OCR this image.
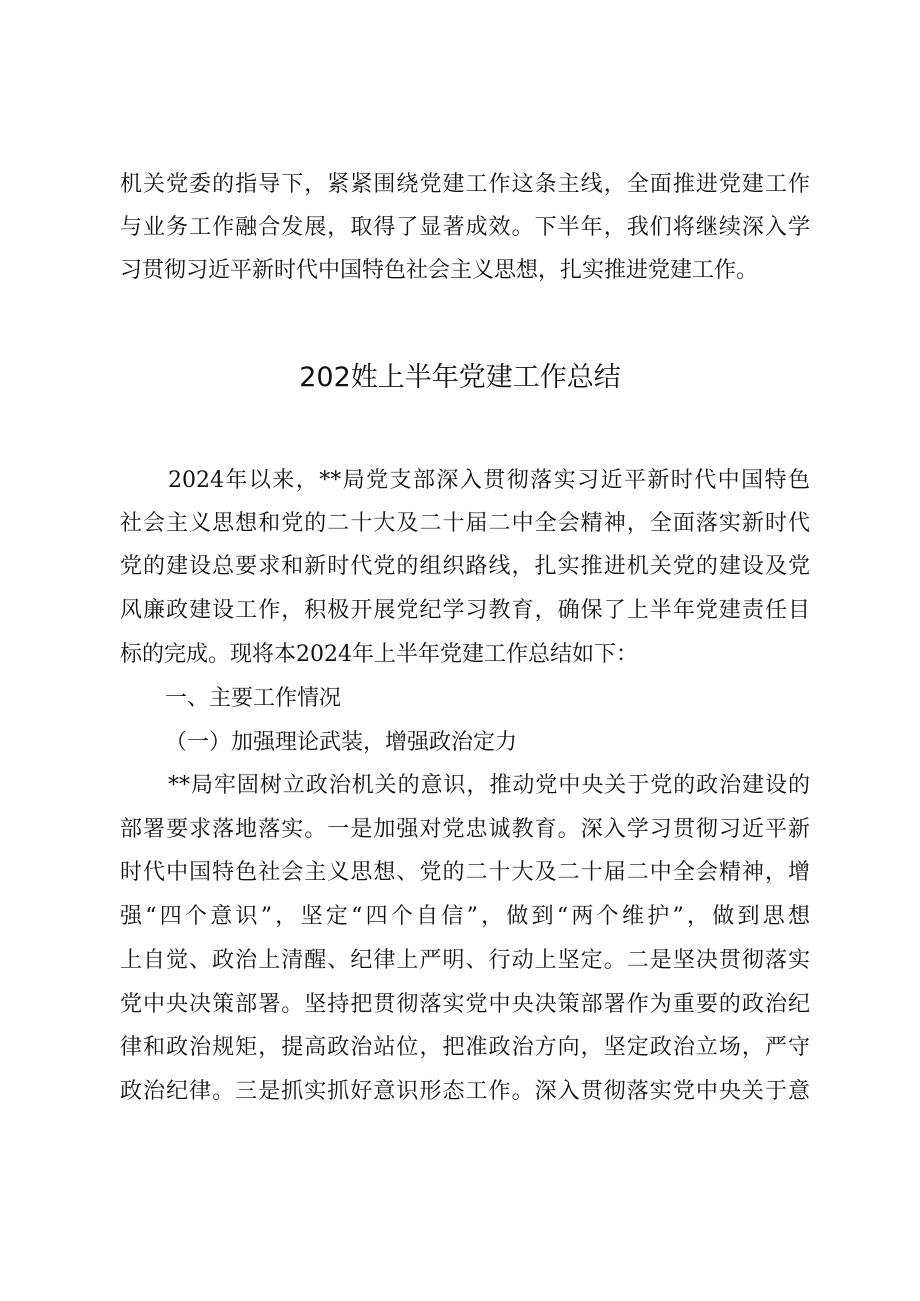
机关党委的指导下，紧紧围绕党建工作这条主线，全面推进党建工作
与业务工作融合发展，取得了显著成效。下半年，我们将继续深入学
习贯彻习近平新时代中国特色社会主义思想，扎实推进党建工作。
202姓上半年党建工作总结
2024年以来，**局党支部深入贯彻落实习近平新时代中国特色
社会主义思想和党的二十大及二十届二中全会精神，全面落实新时代
党的建设总要求和新时代党的组织路线，扎实推进机关党的建设及党
风廉政建设工作，积极开展党纪学习教育，确保了上半年党建责任目
标的完成。现将本2024年上半年党建工作总结如下：
一、主要工作情况
（一）加强理论武装，增强政治定力
**局牢固树立政治机关的意识，推动党中央关于党的政治建设的
部署要求落地落实。一是加强对党忠诚教育。深入学习贯彻习近平新
时代中国特色社会主义思想、党的二十大及二十届二中全会精神，增
强“四个意识”，坚定“四个自信”，做到“两个维护”，做到思想
上自觉、政治上清醒、纪律上严明、行动上坚定。二是坚决贯彻落实
党中央决策部署。坚持把贯彻落实党中央决策部署作为重要的政治纪
律和政治规矩，提高政治站位，把准政治方向，坚定政治立场，严守
政治纪律。三是抓实抓好意识形态工作。深入贯彻落实党中央关于意
